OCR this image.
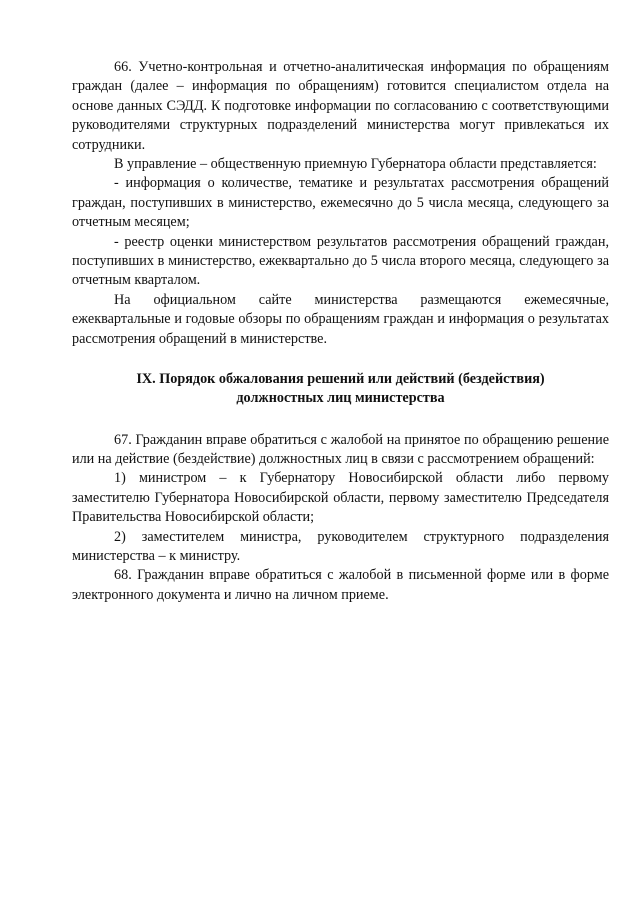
66. Учетно-контрольная и отчетно-аналитическая информация по обращениям граждан (далее – информация по обращениям) готовится специалистом отдела на основе данных СЭДД. К подготовке информации по согласованию с соответствующими руководителями структурных подразделений министерства могут привлекаться их сотрудники.

В управление – общественную приемную Губернатора области представляется:

- информация о количестве, тематике и результатах рассмотрения обращений граждан, поступивших в министерство, ежемесячно до 5 числа месяца, следующего за отчетным месяцем;

- реестр оценки министерством результатов рассмотрения обращений граждан, поступивших в министерство, ежеквартально до 5 числа второго месяца, следующего за отчетным кварталом.

На официальном сайте министерства размещаются ежемесячные, ежеквартальные и годовые обзоры по обращениям граждан и информация о результатах рассмотрения обращений в министерстве.

IX. Порядок обжалования решений или действий (бездействия)
должностных лиц министерства

67. Гражданин вправе обратиться с жалобой на принятое по обращению решение или на действие (бездействие) должностных лиц в связи с рассмотрением обращений:

1) министром – к Губернатору Новосибирской области либо первому заместителю Губернатора Новосибирской области, первому заместителю Председателя Правительства Новосибирской области;

2) заместителем министра, руководителем структурного подразделения министерства – к министру.

68. Гражданин вправе обратиться с жалобой в письменной форме или в форме электронного документа и лично на личном приеме.
